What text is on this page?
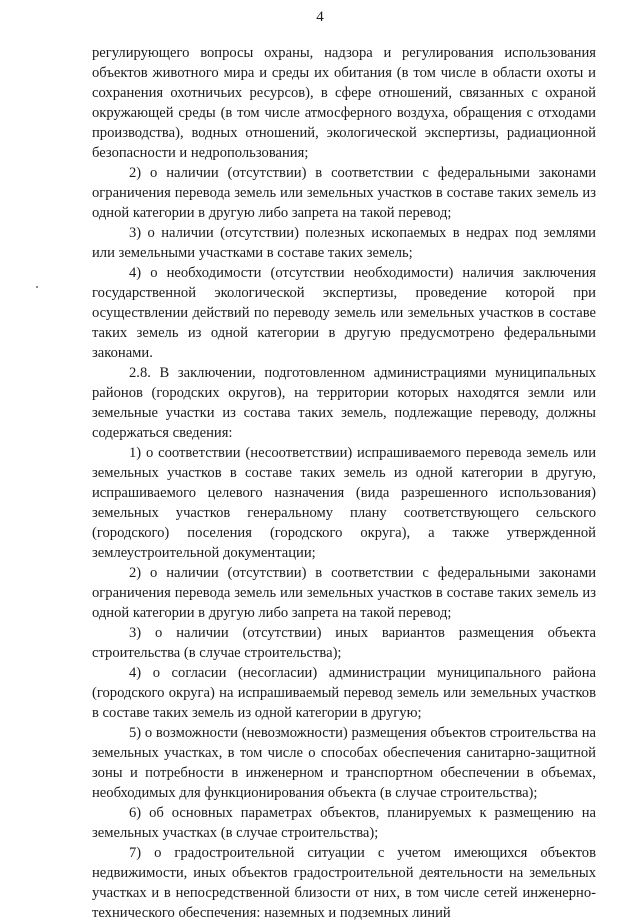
4

регулирующего вопросы охраны, надзора и регулирования использования объектов животного мира и среды их обитания (в том числе в области охоты и сохранения охотничьих ресурсов), в сфере отношений, связанных с охраной окружающей среды (в том числе атмосферного воздуха, обращения с отходами производства), водных отношений, экологической экспертизы, радиационной безопасности и недропользования;

2) о наличии (отсутствии) в соответствии с федеральными законами ограничения перевода земель или земельных участков в составе таких земель из одной категории в другую либо запрета на такой перевод;

3) о наличии (отсутствии) полезных ископаемых в недрах под землями или земельными участками в составе таких земель;

4) о необходимости (отсутствии необходимости) наличия заключения государственной экологической экспертизы, проведение которой при осуществлении действий по переводу земель или земельных участков в составе таких земель из одной категории в другую предусмотрено федеральными законами.

2.8. В заключении, подготовленном администрациями муниципальных районов (городских округов), на территории которых находятся земли или земельные участки из состава таких земель, подлежащие переводу, должны содержаться сведения:

1) о соответствии (несоответствии) испрашиваемого перевода земель или земельных участков в составе таких земель из одной категории в другую, испрашиваемого целевого назначения (вида разрешенного использования) земельных участков генеральному плану соответствующего сельского (городского) поселения (городского округа), а также утвержденной землеустроительной документации;

2) о наличии (отсутствии) в соответствии с федеральными законами ограничения перевода земель или земельных участков в составе таких земель из одной категории в другую либо запрета на такой перевод;

3) о наличии (отсутствии) иных вариантов размещения объекта строительства (в случае строительства);

4) о согласии (несогласии) администрации муниципального района (городского округа) на испрашиваемый перевод земель или земельных участков в составе таких земель из одной категории в другую;

5) о возможности (невозможности) размещения объектов строительства на земельных участках, в том числе о способах обеспечения санитарно-защитной зоны и потребности в инженерном и транспортном обеспечении в объемах, необходимых для функционирования объекта (в случае строительства);

6) об основных параметрах объектов, планируемых к размещению на земельных участках (в случае строительства);

7) о градостроительной ситуации с учетом имеющихся объектов недвижимости, иных объектов градостроительной деятельности на земельных участках и в непосредственной близости от них, в том числе сетей инженерно-технического обеспечения: наземных и подземных линий
